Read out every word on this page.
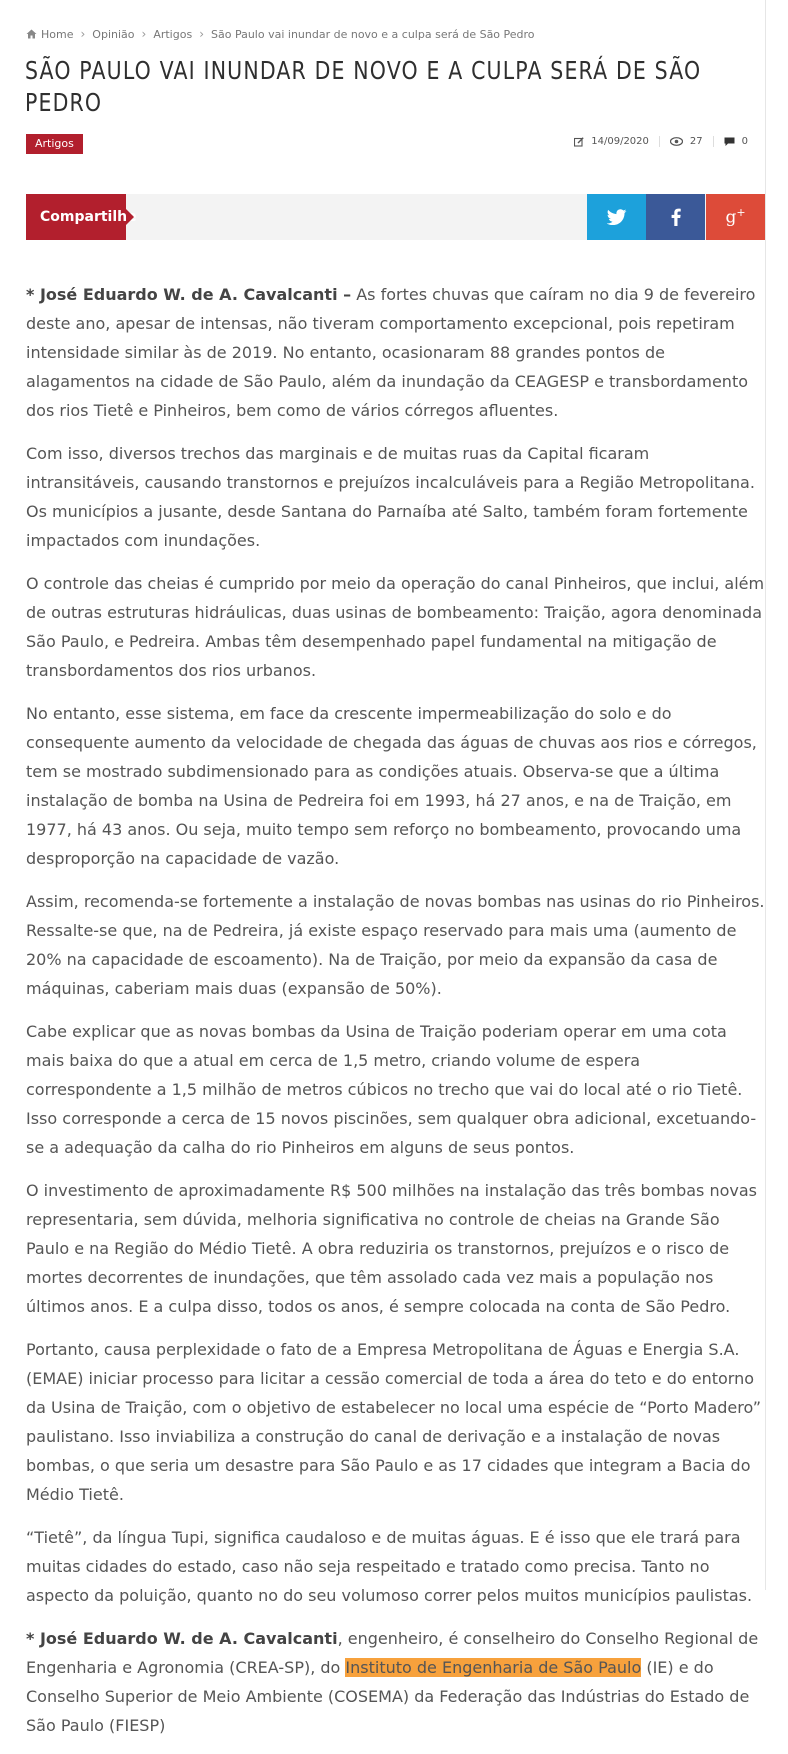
Home › Opinião › Artigos › São Paulo vai inundar de novo e a culpa será de São Pedro
SÃO PAULO VAI INUNDAR DE NOVO E A CULPA SERÁ DE SÃO PEDRO
Artigos	14/09/2020	27	0
Compartilhe	g+

* José Eduardo W. de A. Cavalcanti – As fortes chuvas que caíram no dia 9 de fevereiro deste ano, apesar de intensas, não tiveram comportamento excepcional, pois repetiram intensidade similar às de 2019. No entanto, ocasionaram 88 grandes pontos de alagamentos na cidade de São Paulo, além da inundação da CEAGESP e transbordamento dos rios Tietê e Pinheiros, bem como de vários córregos afluentes.

Com isso, diversos trechos das marginais e de muitas ruas da Capital ficaram intransitáveis, causando transtornos e prejuízos incalculáveis para a Região Metropolitana. Os municípios a jusante, desde Santana do Parnaíba até Salto, também foram fortemente impactados com inundações.

O controle das cheias é cumprido por meio da operação do canal Pinheiros, que inclui, além de outras estruturas hidráulicas, duas usinas de bombeamento: Traição, agora denominada São Paulo, e Pedreira. Ambas têm desempenhado papel fundamental na mitigação de transbordamentos dos rios urbanos.

No entanto, esse sistema, em face da crescente impermeabilização do solo e do consequente aumento da velocidade de chegada das águas de chuvas aos rios e córregos, tem se mostrado subdimensionado para as condições atuais. Observa-se que a última instalação de bomba na Usina de Pedreira foi em 1993, há 27 anos, e na de Traição, em 1977, há 43 anos. Ou seja, muito tempo sem reforço no bombeamento, provocando uma desproporção na capacidade de vazão.

Assim, recomenda-se fortemente a instalação de novas bombas nas usinas do rio Pinheiros. Ressalte-se que, na de Pedreira, já existe espaço reservado para mais uma (aumento de 20% na capacidade de escoamento). Na de Traição, por meio da expansão da casa de máquinas, caberiam mais duas (expansão de 50%).

Cabe explicar que as novas bombas da Usina de Traição poderiam operar em uma cota mais baixa do que a atual em cerca de 1,5 metro, criando volume de espera correspondente a 1,5 milhão de metros cúbicos no trecho que vai do local até o rio Tietê. Isso corresponde a cerca de 15 novos piscinões, sem qualquer obra adicional, excetuando-se a adequação da calha do rio Pinheiros em alguns de seus pontos.

O investimento de aproximadamente R$ 500 milhões na instalação das três bombas novas representaria, sem dúvida, melhoria significativa no controle de cheias na Grande São Paulo e na Região do Médio Tietê. A obra reduziria os transtornos, prejuízos e o risco de mortes decorrentes de inundações, que têm assolado cada vez mais a população nos últimos anos. E a culpa disso, todos os anos, é sempre colocada na conta de São Pedro.

Portanto, causa perplexidade o fato de a Empresa Metropolitana de Águas e Energia S.A. (EMAE) iniciar processo para licitar a cessão comercial de toda a área do teto e do entorno da Usina de Traição, com o objetivo de estabelecer no local uma espécie de “Porto Madero” paulistano. Isso inviabiliza a construção do canal de derivação e a instalação de novas bombas, o que seria um desastre para São Paulo e as 17 cidades que integram a Bacia do Médio Tietê.

“Tietê”, da língua Tupi, significa caudaloso e de muitas águas. E é isso que ele trará para muitas cidades do estado, caso não seja respeitado e tratado como precisa. Tanto no aspecto da poluição, quanto no do seu volumoso correr pelos muitos municípios paulistas.

* José Eduardo W. de A. Cavalcanti, engenheiro, é conselheiro do Conselho Regional de Engenharia e Agronomia (CREA-SP), do Instituto de Engenharia de São Paulo (IE) e do Conselho Superior de Meio Ambiente (COSEMA) da Federação das Indústrias do Estado de São Paulo (FIESP)
